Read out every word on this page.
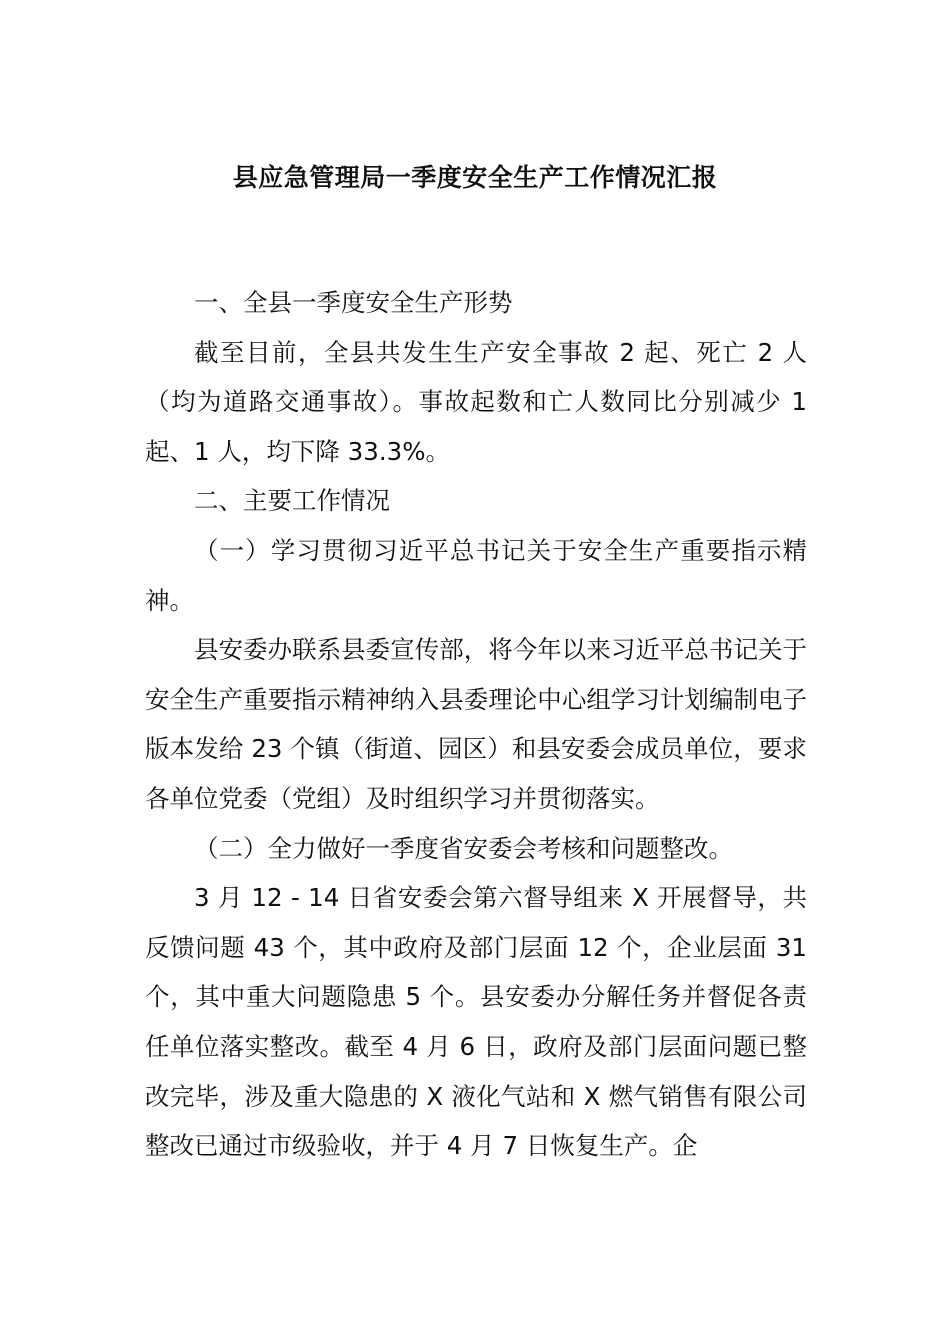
县应急管理局一季度安全生产工作情况汇报

一、全县一季度安全生产形势

截至目前，全县共发生生产安全事故 2 起、死亡 2 人（均为道路交通事故）。事故起数和亡人数同比分别减少 1 起、1 人，均下降 33.3%。

二、主要工作情况

（一）学习贯彻习近平总书记关于安全生产重要指示精神。

县安委办联系县委宣传部，将今年以来习近平总书记关于安全生产重要指示精神纳入县委理论中心组学习计划编制电子版本发给 23 个镇（街道、园区）和县安委会成员单位，要求各单位党委（党组）及时组织学习并贯彻落实。

（二）全力做好一季度省安委会考核和问题整改。

3 月 12 - 14 日省安委会第六督导组来 X 开展督导，共反馈问题 43 个，其中政府及部门层面 12 个，企业层面 31 个，其中重大问题隐患 5 个。县安委办分解任务并督促各责任单位落实整改。截至 4 月 6 日，政府及部门层面问题已整改完毕，涉及重大隐患的 X 液化气站和 X 燃气销售有限公司整改已通过市级验收，并于 4 月 7 日恢复生产。企
